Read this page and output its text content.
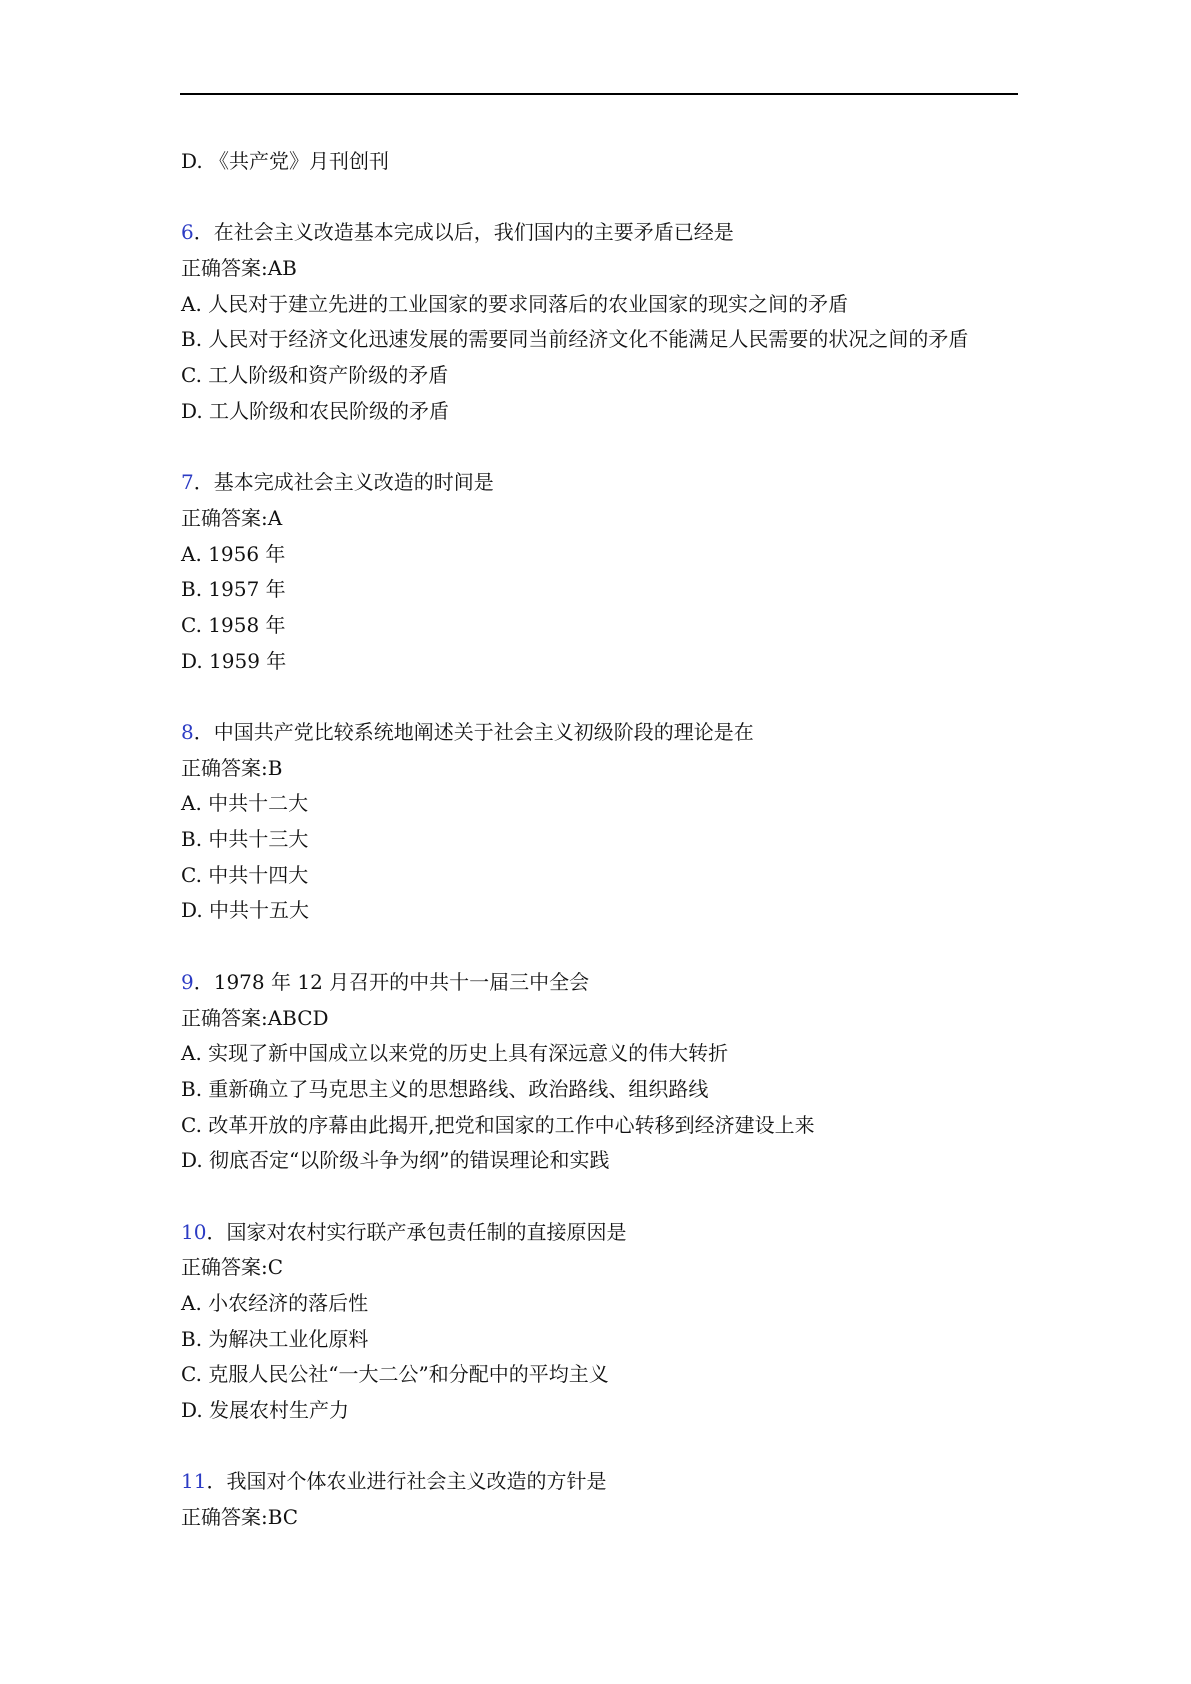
D. 《共产党》月刊创刊
6．在社会主义改造基本完成以后，我们国内的主要矛盾已经是
正确答案:AB
A. 人民对于建立先进的工业国家的要求同落后的农业国家的现实之间的矛盾
B. 人民对于经济文化迅速发展的需要同当前经济文化不能满足人民需要的状况之间的矛盾
C. 工人阶级和资产阶级的矛盾
D. 工人阶级和农民阶级的矛盾
7．基本完成社会主义改造的时间是
正确答案:A
A. 1956 年
B. 1957 年
C. 1958 年
D. 1959 年
8．中国共产党比较系统地阐述关于社会主义初级阶段的理论是在
正确答案:B
A. 中共十二大
B. 中共十三大
C. 中共十四大
D. 中共十五大
9．1978 年 12 月召开的中共十一届三中全会
正确答案:ABCD
A. 实现了新中国成立以来党的历史上具有深远意义的伟大转折
B. 重新确立了马克思主义的思想路线、政治路线、组织路线
C. 改革开放的序幕由此揭开,把党和国家的工作中心转移到经济建设上来
D. 彻底否定“以阶级斗争为纲”的错误理论和实践
10．国家对农村实行联产承包责任制的直接原因是
正确答案:C
A. 小农经济的落后性
B. 为解决工业化原料
C. 克服人民公社“一大二公”和分配中的平均主义
D. 发展农村生产力
11．我国对个体农业进行社会主义改造的方针是
正确答案:BC
